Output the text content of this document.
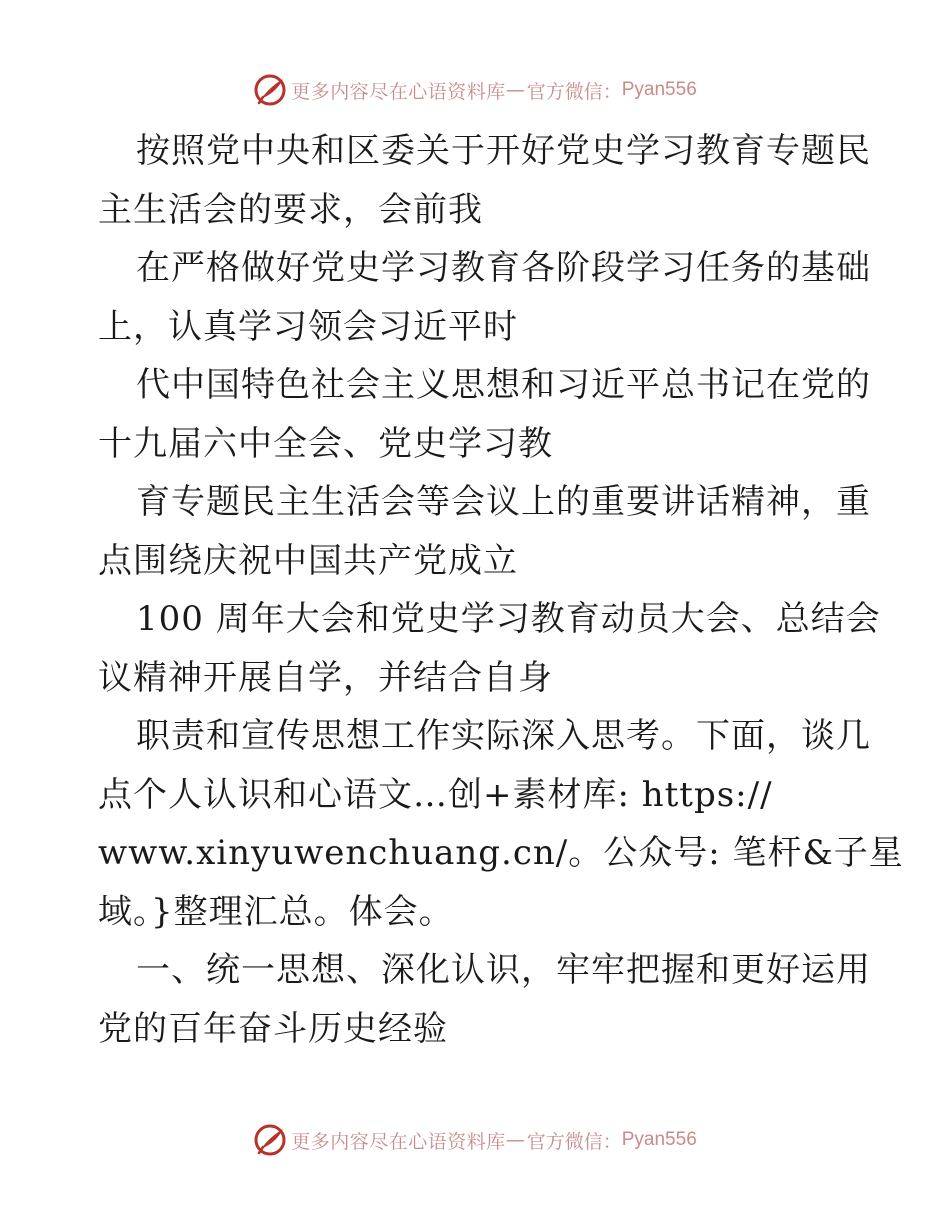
更多内容尽在心语资料库 — 官方微信： Pyan556
按照党中央和区委关于开好党史学习教育专题民
主生活会的要求，会前我
在严格做好党史学习教育各阶段学习任务的基础
上，认真学习领会习近平时
代中国特色社会主义思想和习近平总书记在党的
十九届六中全会、党史学习教
育专题民主生活会等会议上的重要讲话精神，重
点围绕庆祝中国共产党成立
100 周年大会和党史学习教育动员大会、总结会
议精神开展自学，并结合自身
职责和宣传思想工作实际深入思考。下面，谈几
点个人认识和心语文…创+素材库: https://
www.xinyuwenchuang.cn/。公众号: 笔杆&子星
域。}整理汇总。体会。
一、统一思想、深化认识，牢牢把握和更好运用
党的百年奋斗历史经验
更多内容尽在心语资料库 — 官方微信： Pyan556
